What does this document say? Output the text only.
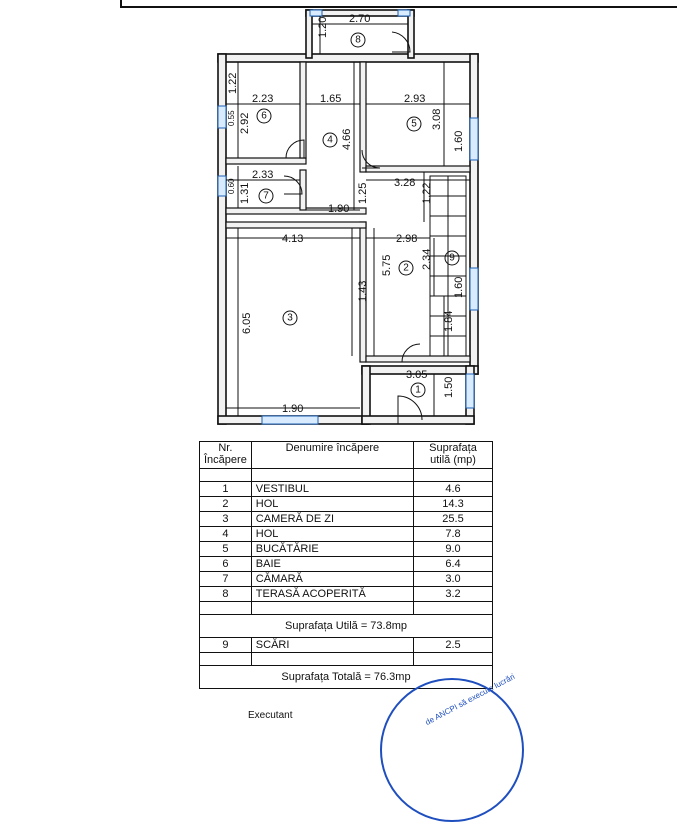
2.70
1.20
1.22
2.23
0.55 2.92
1.65
4.66
2.93
3.08
1.60
2.33
0.60 1.31
1.90
1.25 3.28 1.22
4.13	2.98
5.75	2.34
1.60
6.05
1.43
1.84
3.05
1.50
1.90
1
2
3
4
5
6
7
8
9
Nr. Încăpere	Denumire încăpere	Suprafața utilă (mp)

1	VESTIBUL	4.6
2	HOL	14.3
3	CAMERĂ DE ZI	25.5
4	HOL	7.8
5	BUCĂTĂRIE	9.0
6	BAIE	6.4
7	CĂMARĂ	3.0
8	TERASĂ ACOPERITĂ	3.2

Suprafața Utilă = 73.8mp		
9	SCĂRI	2.5

Suprafața Totală = 76.3mp		
Executant	de ANCPI să execute lucrări
